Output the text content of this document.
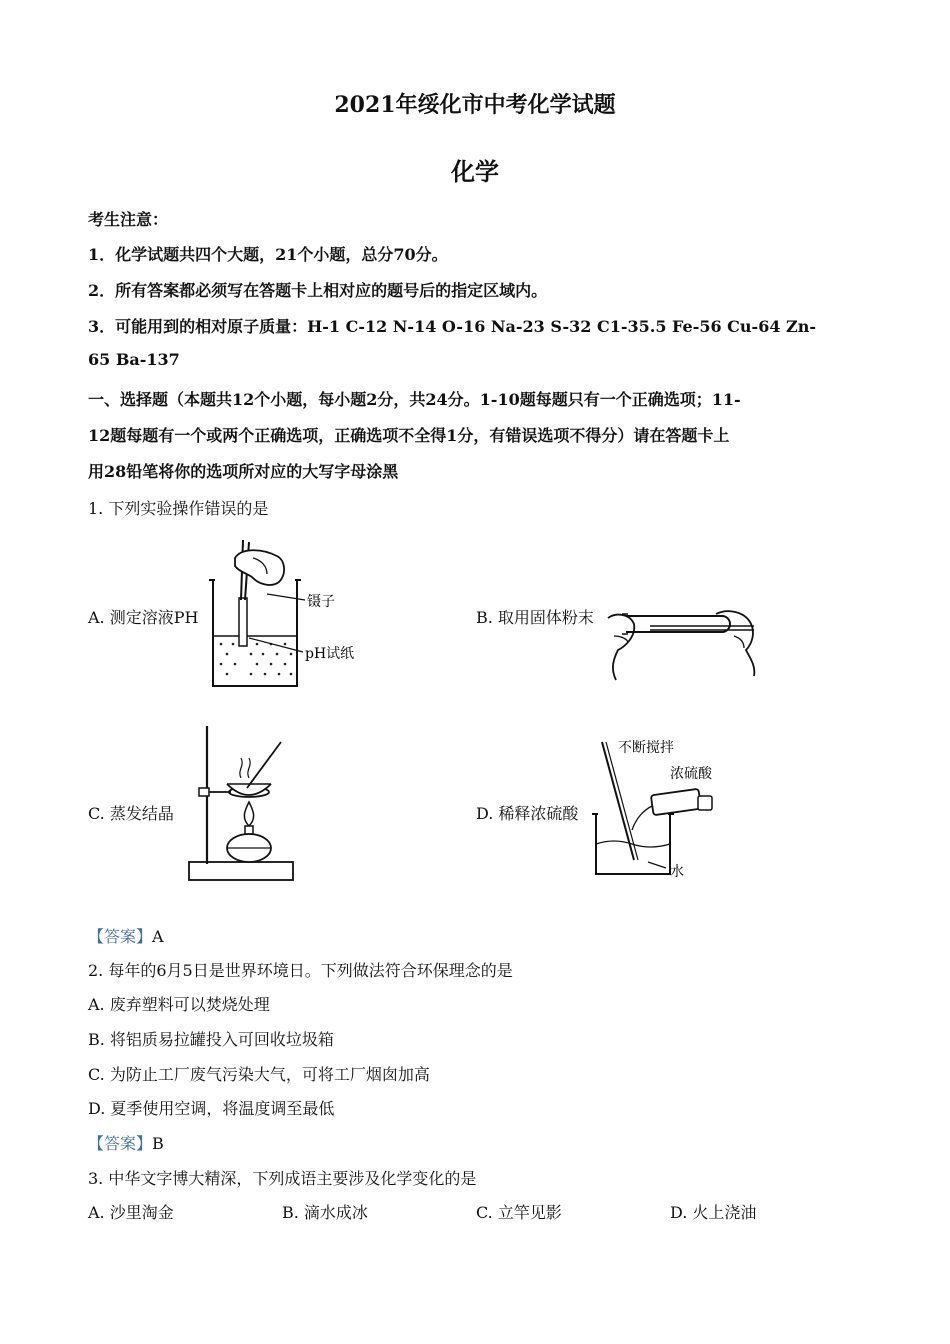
2021年绥化市中考化学试题
化学
考生注意：
1．化学试题共四个大题，21个小题，总分70分。
2．所有答案都必须写在答题卡上相对应的题号后的指定区域内。
3．可能用到的相对原子质量：H-1 C-12 N-14 O-16 Na-23 S-32 C1-35.5 Fe-56 Cu-64 Zn-
65 Ba-137
一、选择题（本题共12个小题，每小题2分，共24分。1-10题每题只有一个正确选项；11-
12题每题有一个或两个正确选项，正确选项不全得1分，有错误选项不得分）请在答题卡上
用28铅笔将你的选项所对应的大写字母涂黑
1. 下列实验操作错误的是
A. 测定溶液PH
镊子
pH试纸
B. 取用固体粉末
C. 蒸发结晶	D. 稀释浓硫酸
不断搅拌
浓硫酸
水
【答案】A
2. 每年的6月5日是世界环境日。下列做法符合环保理念的是
A. 废弃塑料可以焚烧处理
B. 将铝质易拉罐投入可回收垃圾箱
C. 为防止工厂废气污染大气，可将工厂烟囱加高
D. 夏季使用空调，将温度调至最低
【答案】B
3. 中华文字博大精深，下列成语主要涉及化学变化的是
A. 沙里淘金	B. 滴水成冰	C. 立竿见影	D. 火上浇油
